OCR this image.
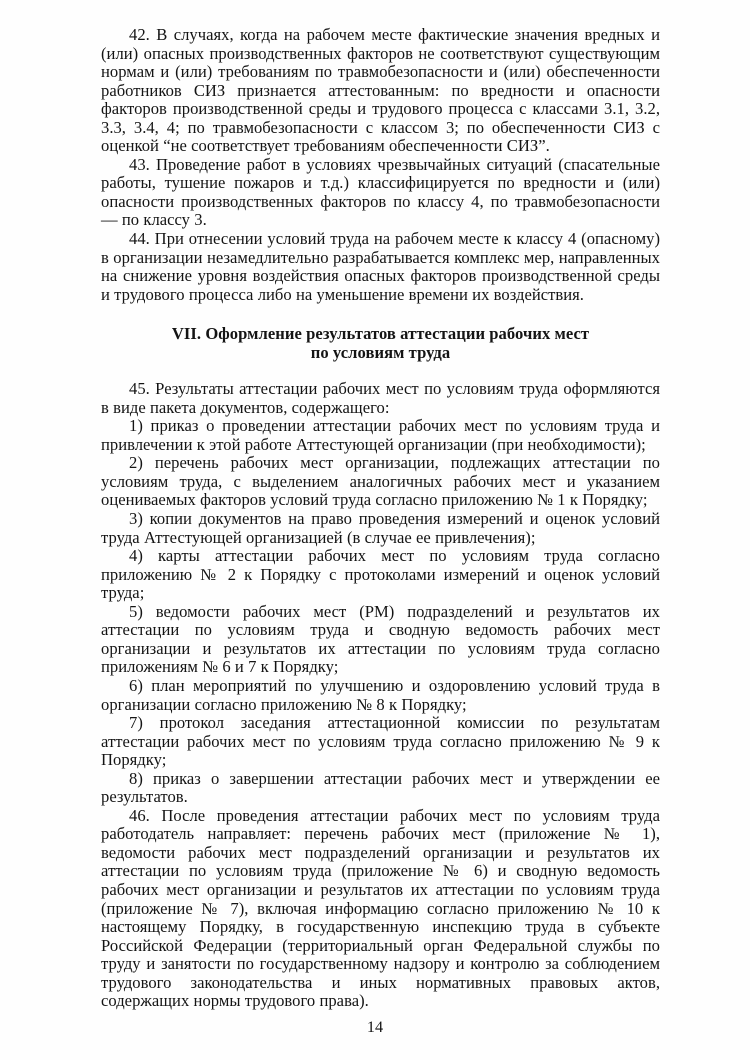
42. В случаях, когда на рабочем месте фактические значения вредных и (или) опасных производственных факторов не соответствуют существующим нормам и (или) требованиям по травмобезопасности и (или) обеспеченности работников СИЗ признается аттестованным: по вредности и опасности факторов производственной среды и трудового процесса с классами 3.1, 3.2, 3.3, 3.4, 4; по травмобезопасности с классом 3; по обеспеченности СИЗ с оценкой “не соответствует требованиям обеспеченности СИЗ”.

43. Проведение работ в условиях чрезвычайных ситуаций (спасательные работы, тушение пожаров и т.д.) классифицируется по вредности и (или) опасности производственных факторов по классу 4, по травмобезопасности — по классу 3.

44. При отнесении условий труда на рабочем месте к классу 4 (опасному) в организации незамедлительно разрабатывается комплекс мер, направленных на снижение уровня воздействия опасных факторов производственной среды и трудового процесса либо на уменьшение времени их воздействия.

VII. Оформление результатов аттестации рабочих мест
по условиям труда

45. Результаты аттестации рабочих мест по условиям труда оформляются в виде пакета документов, содержащего:

1) приказ о проведении аттестации рабочих мест по условиям труда и привлечении к этой работе Аттестующей организации (при необходимости);

2) перечень рабочих мест организации, подлежащих аттестации по условиям труда, с выделением аналогичных рабочих мест и указанием оцениваемых факторов условий труда согласно приложению № 1 к Порядку;

3) копии документов на право проведения измерений и оценок условий труда Аттестующей организацией (в случае ее привлечения);

4) карты аттестации рабочих мест по условиям труда согласно приложению № 2 к Порядку с протоколами измерений и оценок условий труда;

5) ведомости рабочих мест (РМ) подразделений и результатов их аттестации по условиям труда и сводную ведомость рабочих мест организации и результатов их аттестации по условиям труда согласно приложениям № 6 и 7 к Порядку;

6) план мероприятий по улучшению и оздоровлению условий труда в организации согласно приложению № 8 к Порядку;

7) протокол заседания аттестационной комиссии по результатам аттестации рабочих мест по условиям труда согласно приложению № 9 к Порядку;

8) приказ о завершении аттестации рабочих мест и утверждении ее результатов.

46. После проведения аттестации рабочих мест по условиям труда работодатель направляет: перечень рабочих мест (приложение № 1), ведомости рабочих мест подразделений организации и результатов их аттестации по условиям труда (приложение № 6) и сводную ведомость рабочих мест организации и результатов их аттестации по условиям труда (приложение № 7), включая информацию согласно приложению № 10 к настоящему Порядку, в государственную инспекцию труда в субъекте Российской Федерации (территориальный орган Федеральной службы по труду и занятости по государственному надзору и контролю за соблюдением трудового законодательства и иных нормативных правовых актов, содержащих нормы трудового права).

14
